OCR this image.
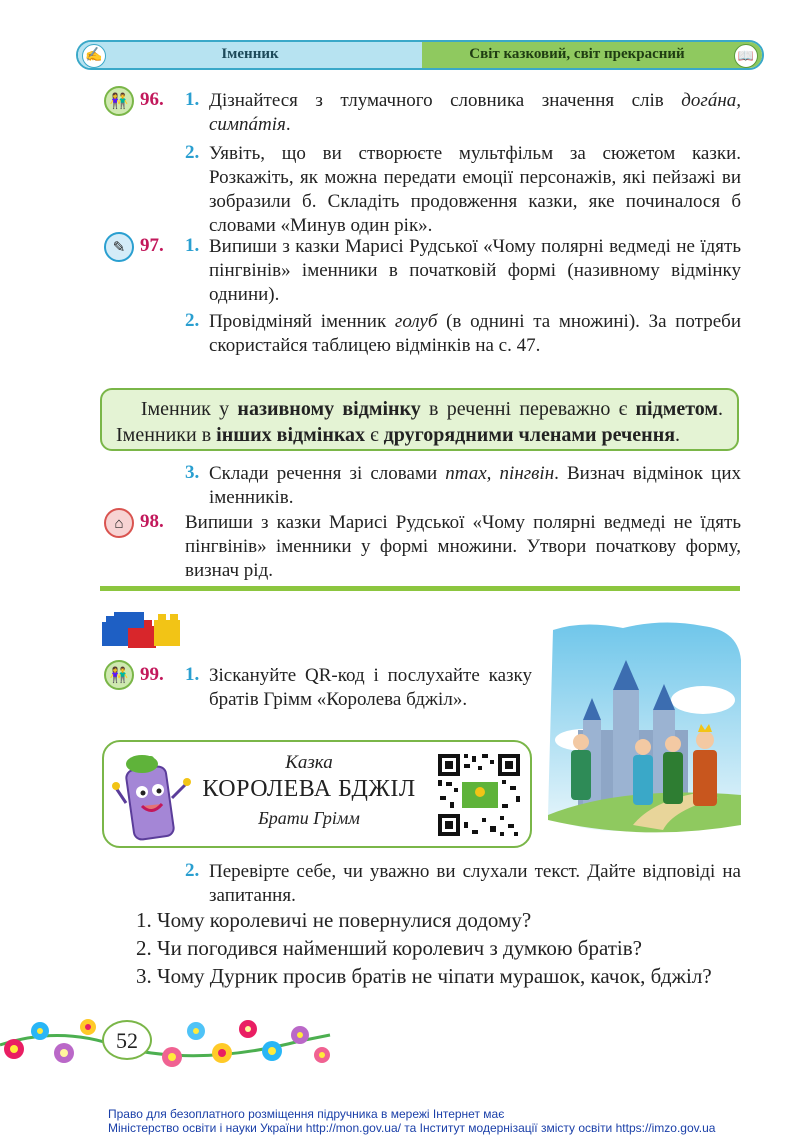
✍	Іменник	Світ казковий, світ прекрасний	📖
👫 96. 1. Дізнайтеся з тлумачного словника значення слів догáна, симпáтія.
2. Уявіть, що ви створюєте мультфільм за сюжетом казки. Розкажіть, як можна передати емоції персонажів, які пейзажі ви зобразили б. Складіть продовження казки, яке починалося б словами «Минув один рік».
✎ 97. 1. Випиши з казки Марисі Рудської «Чому полярні ведмеді не їдять пінгвінів» іменники в початковій формі (називному відмінку однини).
2. Провідміняй іменник голуб (в однині та множині). За потреби скористайся таблицею відмінків на с. 47.
Іменник у називному відмінку в реченні переважно є підметом. Іменники в інших відмінках є другорядними членами речення.
3. Склади речення зі словами птах, пінгвін. Визнач відмінок цих іменників.
⌂ 98. Випиши з казки Марисі Рудської «Чому полярні ведмеді не їдять пінгвінів» іменники у формі множини. Утвори початкову форму, визнач рід.
👫 99. 1. Зіскануйте QR-код і послухайте казку братів Грімм «Королева бджіл».
Казка
КОРОЛЕВА БДЖІЛ
Брати Грімм
2. Перевірте себе, чи уважно ви слухали текст. Дайте відповіді на запитання.
1. Чому королевичі не повернулися додому?
2. Чи погодився найменший королевич з думкою братів?
3. Чому Дурник просив братів не чіпати мурашок, качок, бджіл?
52
Право для безоплатного розміщення підручника в мережі Інтернет має
Міністерство освіти і науки України http://mon.gov.ua/ та Інститут модернізації змісту освіти https://imzo.gov.ua
